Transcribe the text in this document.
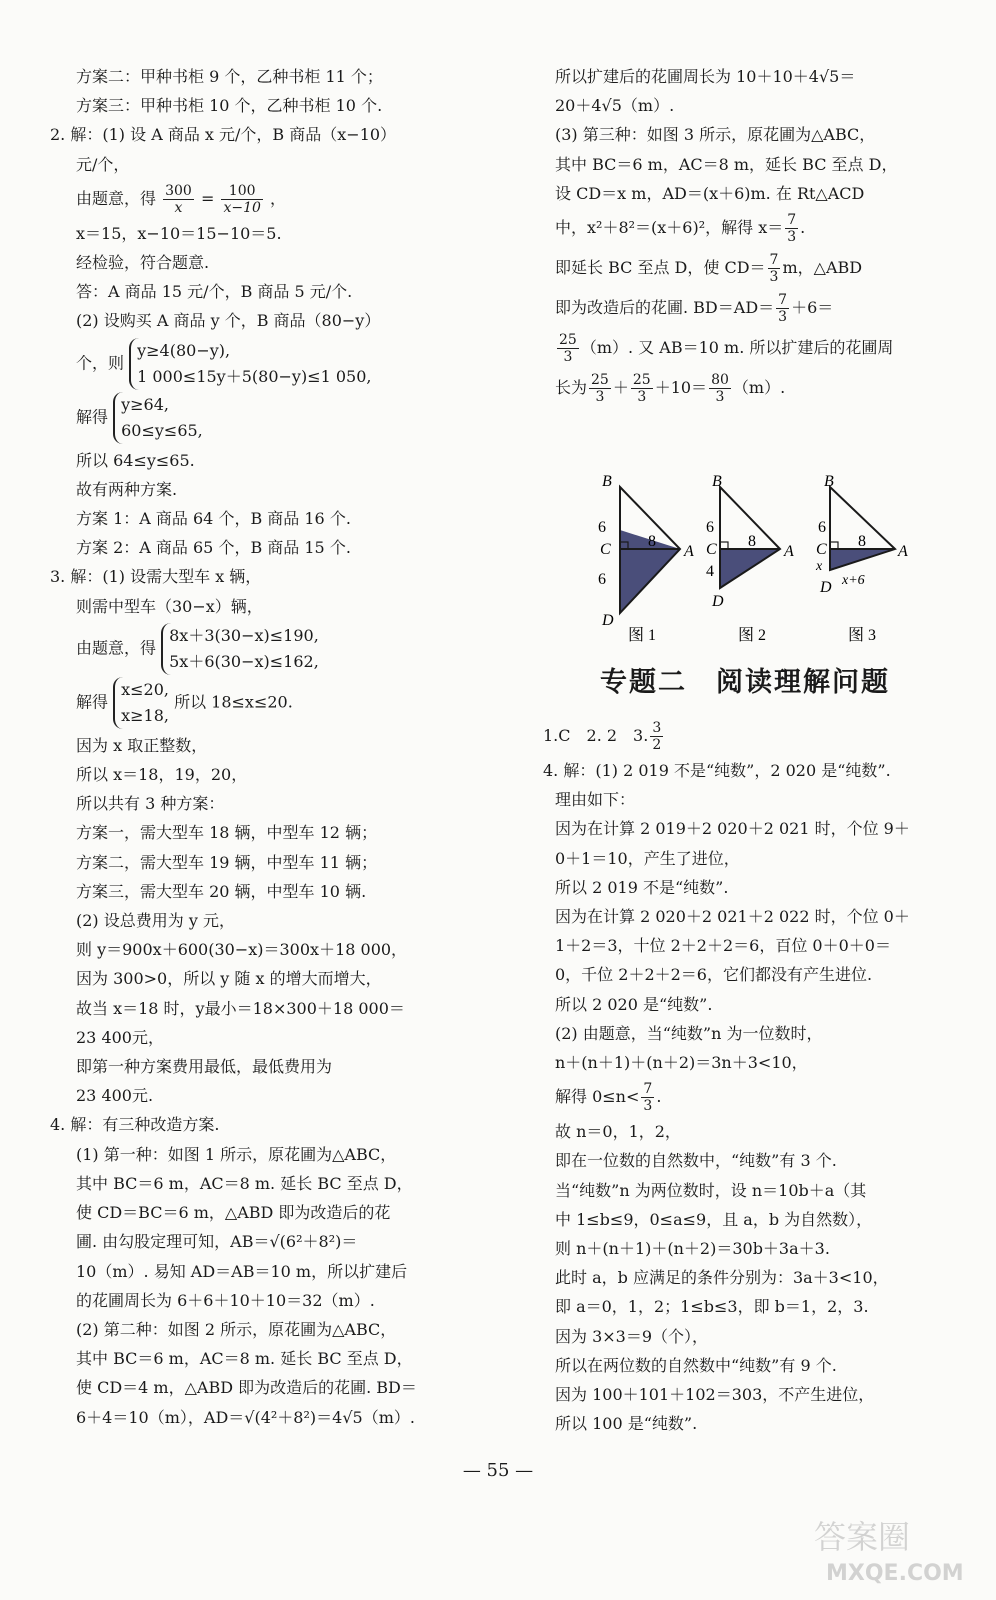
方案二：甲种书柜 9 个，乙种书柜 11 个；
方案三：甲种书柜 10 个，乙种书柜 10 个.
2. 解：(1) 设 A 商品 x 元/个，B 商品（x−10）
元/个，
由题意，得 $\frac{300}{x} = \frac{100}{x-10}$ ，
x＝15，x−10＝15−10＝5.
经检验，符合题意.
答：A 商品 15 元/个，B 商品 5 元/个.
(2) 设购买 A 商品 y 个，B 商品（80−y）
个，则
y≥4(80−y),
1 000≤15y＋5(80−y)≤1 050,
解得
y≥64,
60≤y≤65,
所以 64≤y≤65.
故有两种方案.
方案 1：A 商品 64 个，B 商品 16 个.
方案 2：A 商品 65 个，B 商品 15 个.
3. 解：(1) 设需大型车 x 辆，
则需中型车（30−x）辆，
由题意，得
8x＋3(30−x)≤190,
5x＋6(30−x)≤162,
解得
x≤20,
x≥18,
所以 18≤x≤20.
因为 x 取正整数，
所以 x＝18，19，20，
所以共有 3 种方案：
方案一，需大型车 18 辆，中型车 12 辆；
方案二，需大型车 19 辆，中型车 11 辆；
方案三，需大型车 20 辆，中型车 10 辆.
(2) 设总费用为 y 元，
则 y＝900x＋600(30−x)＝300x＋18 000，
因为 300>0，所以 y 随 x 的增大而增大，
故当 x＝18 时，y最小＝18×300＋18 000＝
23 400元，
即第一种方案费用最低，最低费用为
23 400元.
4. 解：有三种改造方案.
(1) 第一种：如图 1 所示，原花圃为△ABC，
其中 BC＝6 m，AC＝8 m. 延长 BC 至点 D，
使 CD＝BC＝6 m，△ABD 即为改造后的花
圃. 由勾股定理可知，AB＝√(6²＋8²)＝
10（m）. 易知 AD＝AB＝10 m，所以扩建后
的花圃周长为 6＋6＋10＋10＝32（m）.
(2) 第二种：如图 2 所示，原花圃为△ABC，
其中 BC＝6 m，AC＝8 m. 延长 BC 至点 D，
使 CD＝4 m，△ABD 即为改造后的花圃. BD＝
6＋4＝10（m），AD＝√(4²＋8²)＝4√5（m）.
所以扩建后的花圃周长为 10＋10＋4√5＝
20＋4√5（m）.
(3) 第三种：如图 3 所示，原花圃为△ABC，
其中 BC＝6 m，AC＝8 m，延长 BC 至点 D，
设 CD＝x m，AD＝(x＋6)m. 在 Rt△ACD
中，x²＋8²＝(x＋6)²，解得 $x= \frac{7}{3}$ .
即延长 BC 至点 D，使 $CD= \frac{7}{3}$ m，△ABD
即为改造后的花圃. $BD=AD= \frac{7}{3} +6=$
$\frac{25}{3} (m)$. 又 AB＝10 m. 所以扩建后的花圃周
长为 $\frac{25}{3} + \frac{25}{3} +10= \frac{80}{3} (m)$.
B
6
C 8
A
6
D
图 1
B
6
C 8
A
4
D
图 2
B
6
C 8
A
x
x+6
D
图 3
专题二　阅读理解问题
1.C　2. 2　3. $\frac{3}{2}$
4. 解：(1) 2 019 不是“纯数”，2 020 是“纯数”.
理由如下：
因为在计算 2 019＋2 020＋2 021 时，个位 9＋
0＋1＝10，产生了进位，
所以 2 019 不是“纯数”.
因为在计算 2 020＋2 021＋2 022 时，个位 0＋
1＋2＝3，十位 2＋2＋2＝6，百位 0＋0＋0＝
0，千位 2＋2＋2＝6，它们都没有产生进位.
所以 2 020 是“纯数”.
(2) 由题意，当“纯数”n 为一位数时，
n＋(n＋1)＋(n＋2)＝3n＋3<10，
解得 $0\le n< \frac{7}{3}$ .
故 n＝0，1，2，
即在一位数的自然数中，“纯数”有 3 个.
当“纯数”n 为两位数时，设 n＝10b＋a（其
中 1≤b≤9，0≤a≤9，且 a，b 为自然数），
则 n＋(n＋1)＋(n＋2)＝30b＋3a＋3.
此时 a，b 应满足的条件分别为：3a＋3<10，
即 a＝0，1，2；1≤b≤3，即 b＝1，2，3.
因为 3×3＝9（个），
所以在两位数的自然数中“纯数”有 9 个.
因为 100＋101＋102＝303，不产生进位，
所以 100 是“纯数”.
— 55 —
答案圈
MXQE.COM
